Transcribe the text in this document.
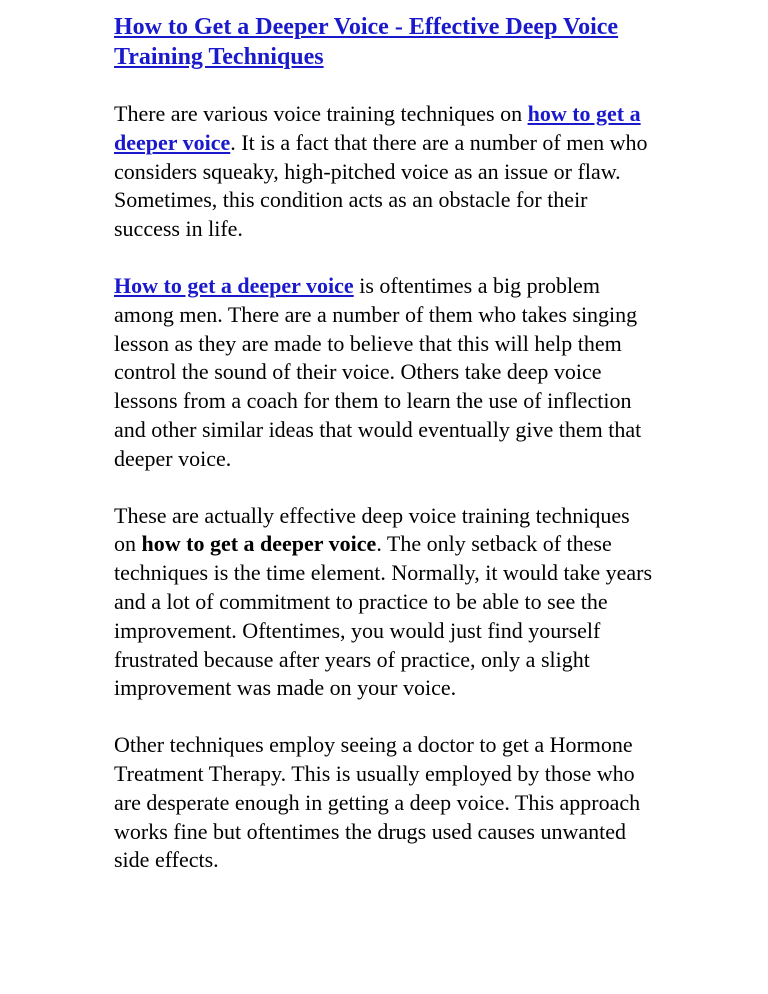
How to Get a Deeper Voice - Effective Deep Voice Training Techniques

There are various voice training techniques on how to get a deeper voice. It is a fact that there are a number of men who considers squeaky, high-pitched voice as an issue or flaw. Sometimes, this condition acts as an obstacle for their success in life.

How to get a deeper voice is oftentimes a big problem among men. There are a number of them who takes singing lesson as they are made to believe that this will help them control the sound of their voice. Others take deep voice lessons from a coach for them to learn the use of inflection and other similar ideas that would eventually give them that deeper voice.

These are actually effective deep voice training techniques on how to get a deeper voice. The only setback of these techniques is the time element. Normally, it would take years and a lot of commitment to practice to be able to see the improvement. Oftentimes, you would just find yourself frustrated because after years of practice, only a slight improvement was made on your voice.

Other techniques employ seeing a doctor to get a Hormone Treatment Therapy. This is usually employed by those who are desperate enough in getting a deep voice. This approach works fine but oftentimes the drugs used causes unwanted side effects.
